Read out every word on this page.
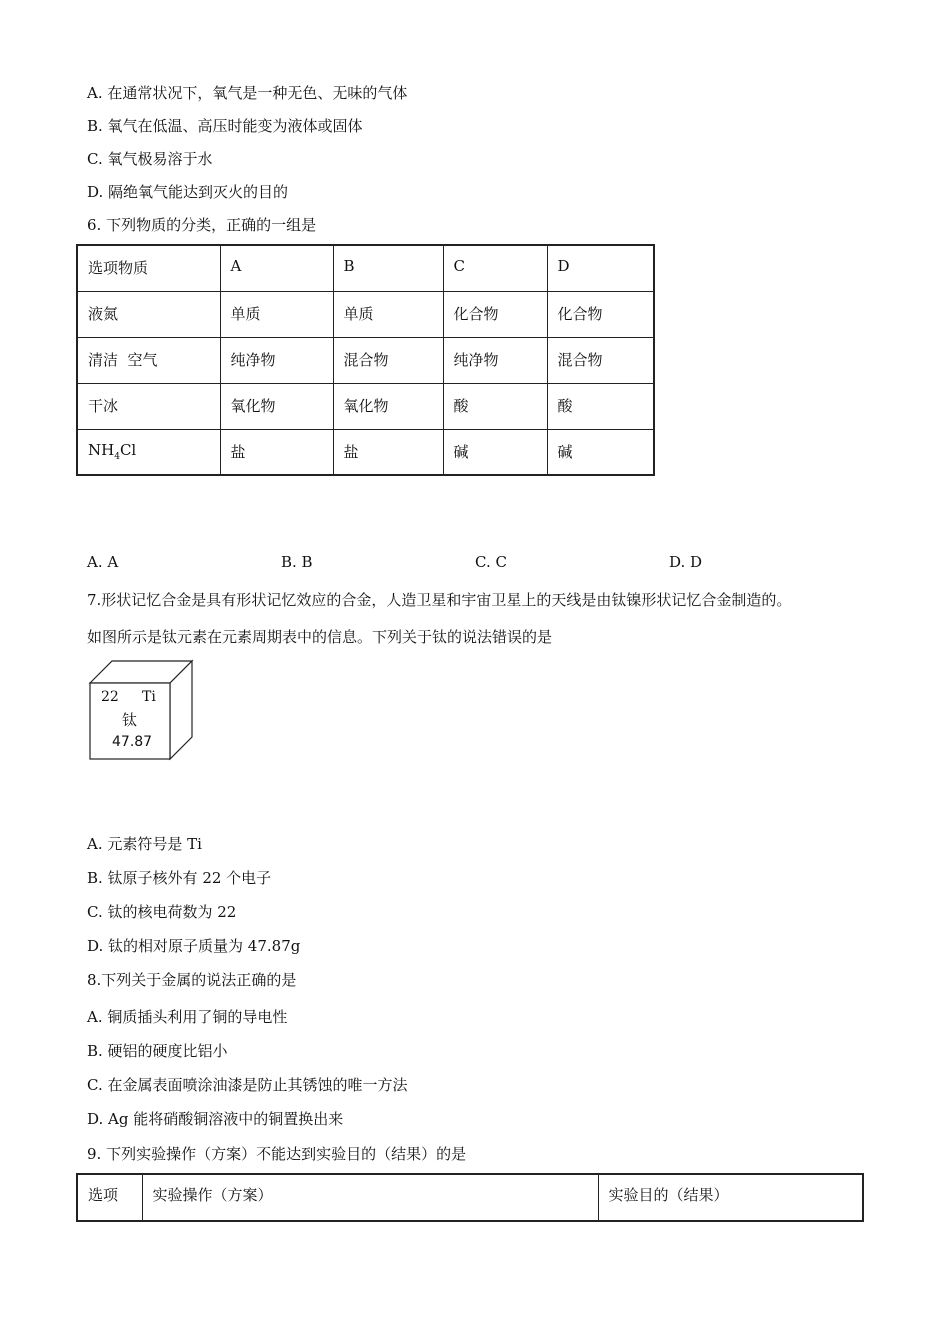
A. 在通常状况下，氧气是一种无色、无味的气体
B. 氧气在低温、高压时能变为液体或固体
C. 氧气极易溶于水
D. 隔绝氧气能达到灭火的目的
6. 下列物质的分类，正确的一组是
选项物质	A	B	C	D
液氮	单质	单质	化合物	化合物
清洁  空气	纯净物	混合物	纯净物	混合物
干冰	氧化物	氧化物	酸	酸
$NH_4Cl$	盐	盐	碱	碱
A. A	B. B	C. C	D. D
7.形状记忆合金是具有形状记忆效应的合金，人造卫星和宇宙卫星上的天线是由钛镍形状记忆合金制造的。
如图所示是钛元素在元素周期表中的信息。下列关于钛的说法错误的是
22 Ti
钛
47.87
A. 元素符号是 Ti
B. 钛原子核外有 22 个电子
C. 钛的核电荷数为 22
D. 钛的相对原子质量为 47.87g
8.下列关于金属的说法正确的是
A. 铜质插头利用了铜的导电性
B. 硬铝的硬度比铝小
C. 在金属表面喷涂油漆是防止其锈蚀的唯一方法
D. Ag 能将硝酸铜溶液中的铜置换出来
9. 下列实验操作（方案）不能达到实验目的（结果）的是
选项	实验操作（方案）	实验目的（结果）
